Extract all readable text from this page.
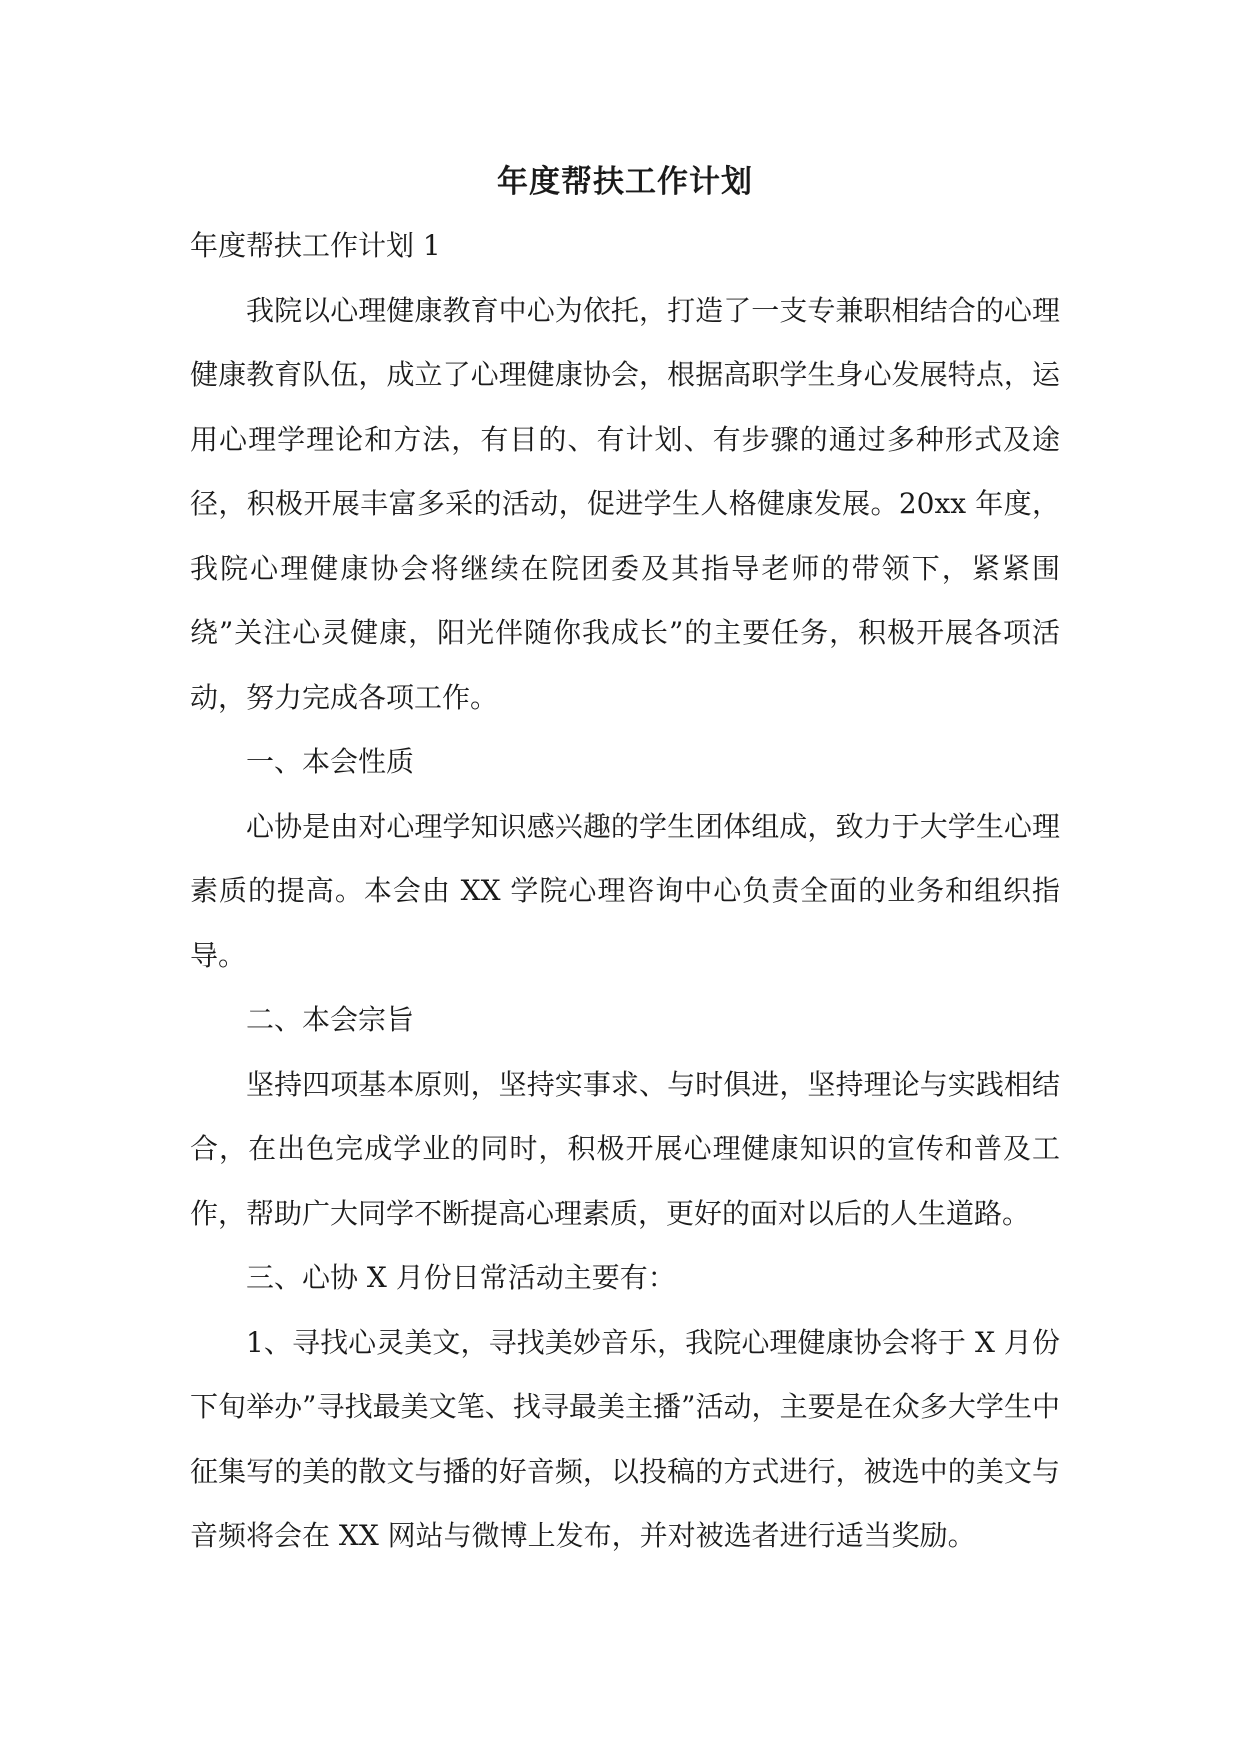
年度帮扶工作计划
年度帮扶工作计划 1
我院以心理健康教育中心为依托，打造了一支专兼职相结合的心理健康教育队伍，成立了心理健康协会，根据高职学生身心发展特点，运用心理学理论和方法，有目的、有计划、有步骤的通过多种形式及途径，积极开展丰富多采的活动，促进学生人格健康发展。20xx 年度，我院心理健康协会将继续在院团委及其指导老师的带领下，紧紧围绕”关注心灵健康，阳光伴随你我成长”的主要任务，积极开展各项活动，努力完成各项工作。
一、本会性质
心协是由对心理学知识感兴趣的学生团体组成，致力于大学生心理素质的提高。本会由 XX 学院心理咨询中心负责全面的业务和组织指导。
二、本会宗旨
坚持四项基本原则，坚持实事求、与时俱进，坚持理论与实践相结合，在出色完成学业的同时，积极开展心理健康知识的宣传和普及工作，帮助广大同学不断提高心理素质，更好的面对以后的人生道路。
三、心协 X 月份日常活动主要有：
1、寻找心灵美文，寻找美妙音乐，我院心理健康协会将于 X 月份下旬举办”寻找最美文笔、找寻最美主播”活动，主要是在众多大学生中征集写的美的散文与播的好音频，以投稿的方式进行，被选中的美文与音频将会在 XX 网站与微博上发布，并对被选者进行适当奖励。
